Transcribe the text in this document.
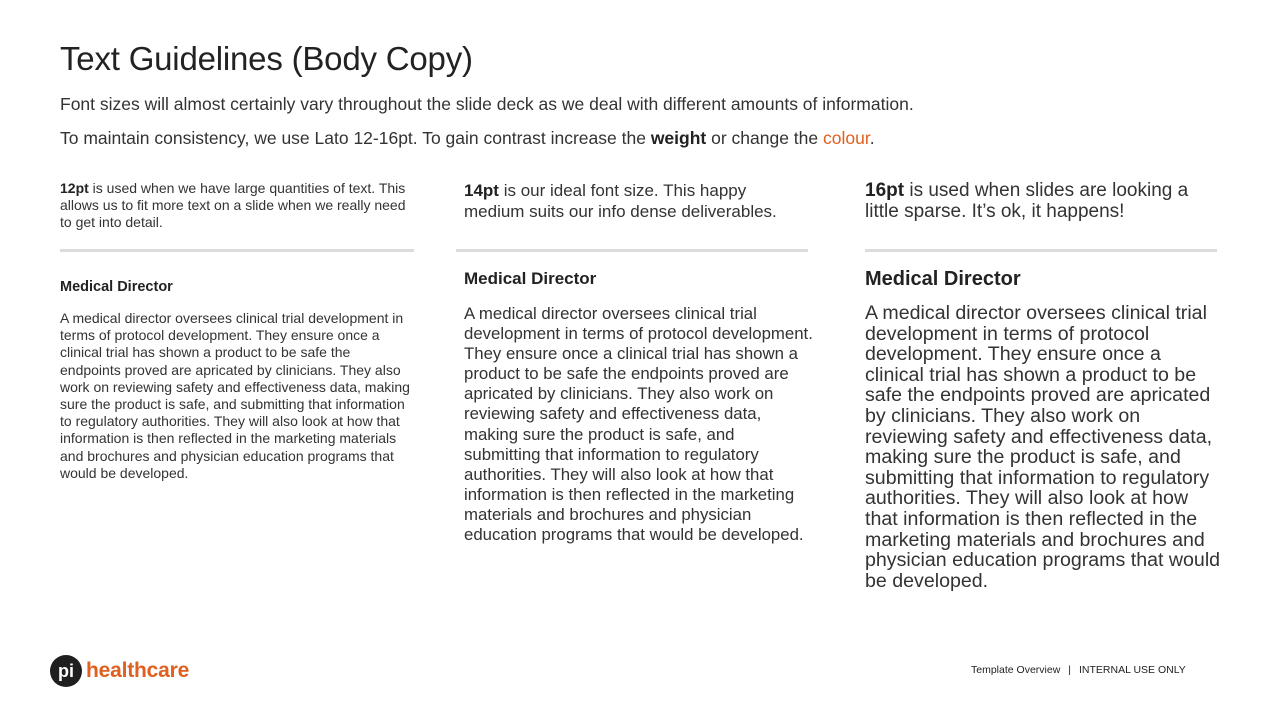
Text Guidelines (Body Copy)

Font sizes will almost certainly vary throughout the slide deck as we deal with different amounts of information.

To maintain consistency, we use Lato 12-16pt. To gain contrast increase the weight or change the colour.

12pt is used when we have large quantities of text. This allows us to fit more text on a slide when we really need to get into detail.

Medical Director

A medical director oversees clinical trial development in terms of protocol development. They ensure once a clinical trial has shown a product to be safe the endpoints proved are apricated by clinicians. They also work on reviewing safety and effectiveness data, making sure the product is safe, and submitting that information to regulatory authorities. They will also look at how that information is then reflected in the marketing materials and brochures and physician education programs that would be developed.

14pt is our ideal font size. This happy medium suits our info dense deliverables.

Medical Director

A medical director oversees clinical trial development in terms of protocol development. They ensure once a clinical trial has shown a product to be safe the endpoints proved are apricated by clinicians. They also work on reviewing safety and effectiveness data, making sure the product is safe, and submitting that information to regulatory authorities. They will also look at how that information is then reflected in the marketing materials and brochures and physician education programs that would be developed.

16pt is used when slides are looking a little sparse. It’s ok, it happens!

Medical Director

A medical director oversees clinical trial development in terms of protocol development. They ensure once a clinical trial has shown a product to be safe the endpoints proved are apricated by clinicians. They also work on reviewing safety and effectiveness data, making sure the product is safe, and submitting that information to regulatory authorities. They will also look at how that information is then reflected in the marketing materials and brochures and physician education programs that would be developed.

pi healthcare	Template Overview | INTERNAL USE ONLY
